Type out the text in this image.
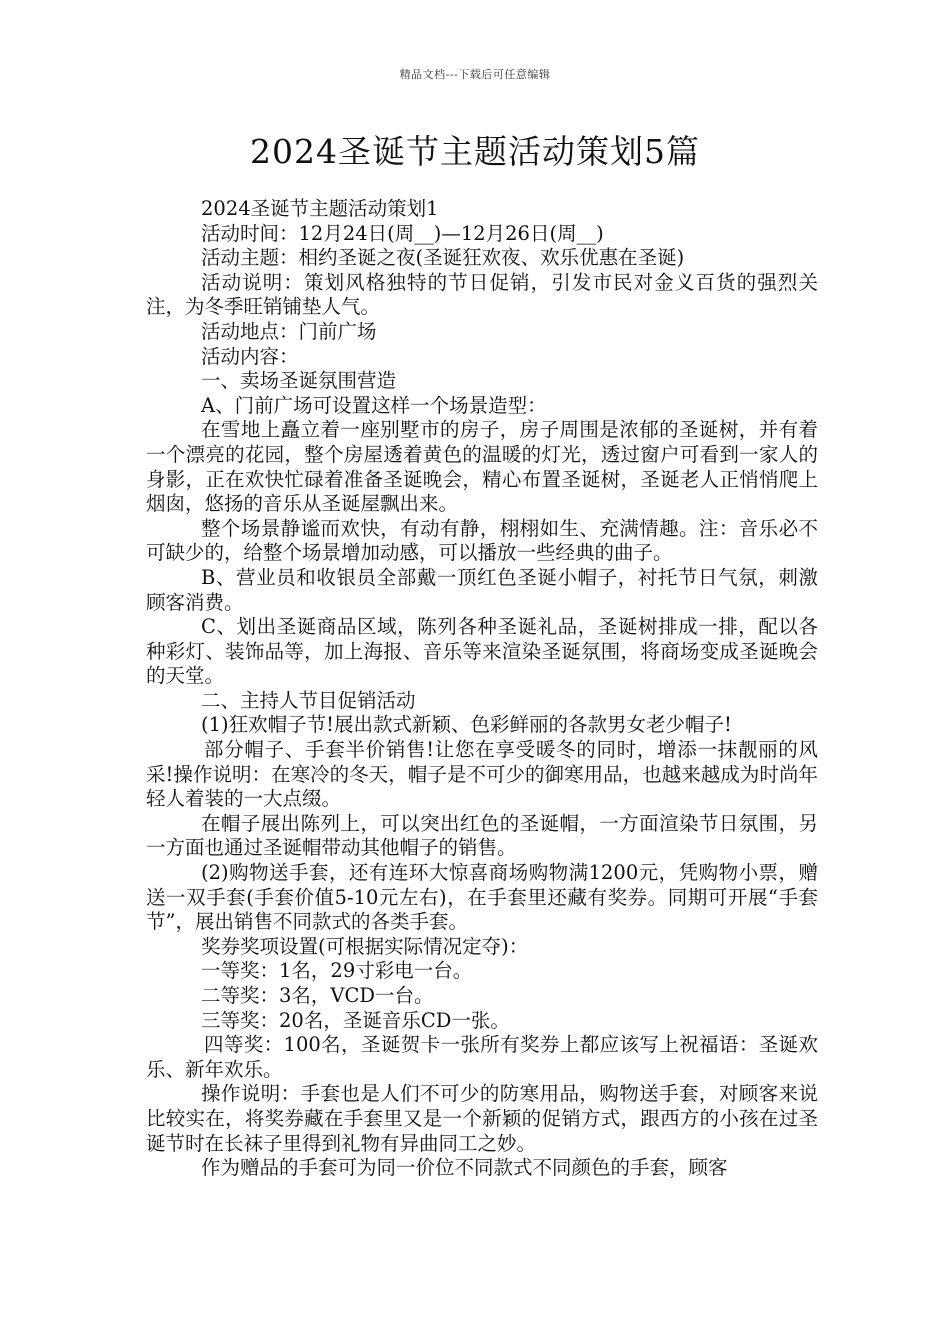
精品文档---下载后可任意编辑
2024圣诞节主题活动策划5篇

2024圣诞节主题活动策划1

活动时间：12月24日(周__)—12月26日(周__)

活动主题：相约圣诞之夜(圣诞狂欢夜、欢乐优惠在圣诞)

活动说明：策划风格独特的节日促销，引发市民对金义百货的强烈关注，为冬季旺销铺垫人气。

活动地点：门前广场

活动内容：

一、卖场圣诞氛围营造

A、门前广场可设置这样一个场景造型：

在雪地上矗立着一座别墅市的房子，房子周围是浓郁的圣诞树，并有着一个漂亮的花园，整个房屋透着黄色的温暖的灯光，透过窗户可看到一家人的身影，正在欢快忙碌着准备圣诞晚会，精心布置圣诞树，圣诞老人正悄悄爬上烟囱，悠扬的音乐从圣诞屋飘出来。

整个场景静谧而欢快，有动有静，栩栩如生、充满情趣。注：音乐必不可缺少的，给整个场景增加动感，可以播放一些经典的曲子。

B、营业员和收银员全部戴一顶红色圣诞小帽子，衬托节日气氛，刺激顾客消费。

C、划出圣诞商品区域，陈列各种圣诞礼品，圣诞树排成一排，配以各种彩灯、装饰品等，加上海报、音乐等来渲染圣诞氛围，将商场变成圣诞晚会的天堂。

二、主持人节目促销活动

(1)狂欢帽子节!展出款式新颖、色彩鲜丽的各款男女老少帽子!

部分帽子、手套半价销售!让您在享受暖冬的同时，增添一抹靓丽的风采!操作说明：在寒冷的冬天，帽子是不可少的御寒用品，也越来越成为时尚年轻人着装的一大点缀。

在帽子展出陈列上，可以突出红色的圣诞帽，一方面渲染节日氛围，另一方面也通过圣诞帽带动其他帽子的销售。

(2)购物送手套，还有连环大惊喜商场购物满1200元，凭购物小票，赠送一双手套(手套价值5-10元左右)，在手套里还藏有奖券。同期可开展“手套节”，展出销售不同款式的各类手套。

奖券奖项设置(可根据实际情况定夺)：

一等奖：1名，29寸彩电一台。

二等奖：3名，VCD一台。

三等奖：20名，圣诞音乐CD一张。

四等奖：100名，圣诞贺卡一张所有奖券上都应该写上祝福语：圣诞欢乐、新年欢乐。

操作说明：手套也是人们不可少的防寒用品，购物送手套，对顾客来说比较实在，将奖券藏在手套里又是一个新颖的促销方式，跟西方的小孩在过圣诞节时在长袜子里得到礼物有异曲同工之妙。

作为赠品的手套可为同一价位不同款式不同颜色的手套，顾客
